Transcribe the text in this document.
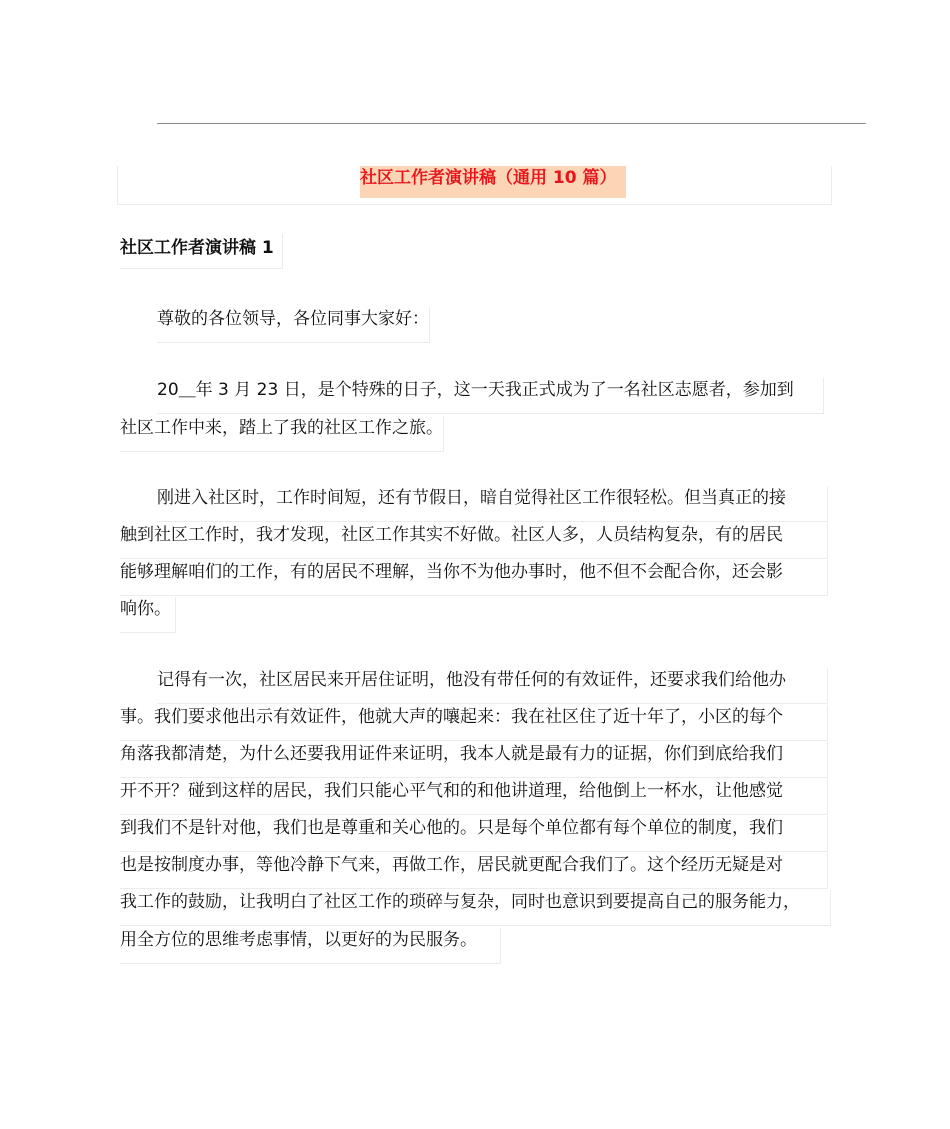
社区工作者演讲稿（通用 10 篇）
社区工作者演讲稿 1
尊敬的各位领导，各位同事大家好：
20＿年 3 月 23 日，是个特殊的日子，这一天我正式成为了一名社区志愿者，参加到
社区工作中来，踏上了我的社区工作之旅。
刚进入社区时，工作时间短，还有节假日，暗自觉得社区工作很轻松。但当真正的接
触到社区工作时，我才发现，社区工作其实不好做。社区人多，人员结构复杂，有的居民
能够理解咱们的工作，有的居民不理解，当你不为他办事时，他不但不会配合你，还会影
响你。
记得有一次，社区居民来开居住证明，他没有带任何的有效证件，还要求我们给他办
事。我们要求他出示有效证件，他就大声的嚷起来：我在社区住了近十年了，小区的每个
角落我都清楚，为什么还要我用证件来证明，我本人就是最有力的证据，你们到底给我们
开不开？碰到这样的居民，我们只能心平气和的和他讲道理，给他倒上一杯水，让他感觉
到我们不是针对他，我们也是尊重和关心他的。只是每个单位都有每个单位的制度，我们
也是按制度办事，等他冷静下气来，再做工作，居民就更配合我们了。这个经历无疑是对
我工作的鼓励，让我明白了社区工作的琐碎与复杂，同时也意识到要提高自己的服务能力，
用全方位的思维考虑事情，以更好的为民服务。
